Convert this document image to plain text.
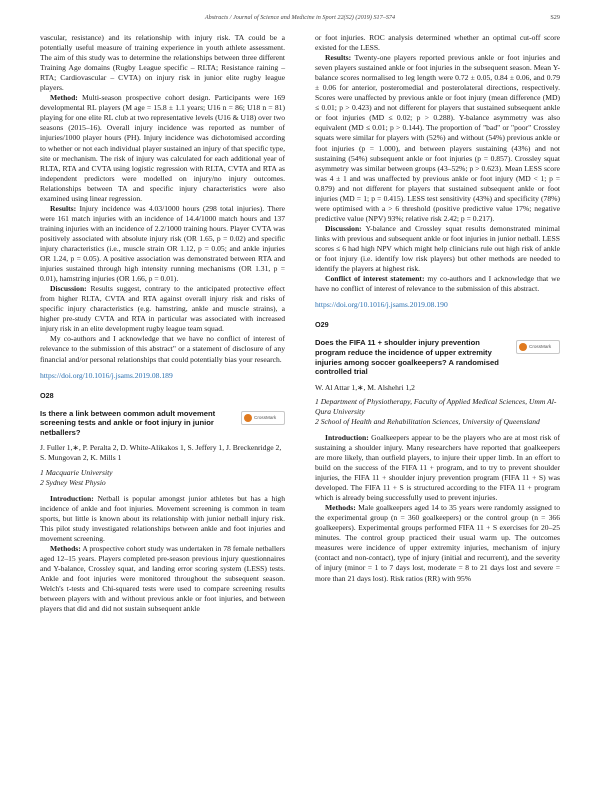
Abstracts / Journal of Science and Medicine in Sport 22(S2) (2019) S17–S74	S29

vascular, resistance) and its relationship with injury risk. TA could be a potentially useful measure of training experience in youth athlete assessment. The aim of this study was to determine the relationships between three different Training Age domains (Rugby League specific – RLTA; Resistance raining – RTA; Cardiovascular – CVTA) on injury risk in junior elite rugby league players.

Method: Multi-season prospective cohort design. Participants were 169 developmental RL players (M age = 15.8 ± 1.1 years; U16 n = 86; U18 n = 81) playing for one elite RL club at two representative levels (U16 & U18) over two seasons (2015–16). Overall injury incidence was reported as number of injuries/1000 player hours (PH). Injury incidence was dichotomised according to whether or not each individual player sustained an injury of that specific type, site or mechanism. The risk of injury was calculated for each additional year of RLTA, RTA and CVTA using logistic regression with RLTA, CVTA and RTA as independent predictors were modelled on injury/no injury outcomes. Relationships between TA and specific injury characteristics were also examined using linear regression.

Results: Injury incidence was 4.03/1000 hours (298 total injuries). There were 161 match injuries with an incidence of 14.4/1000 match hours and 137 training injuries with an incidence of 2.2/1000 training hours. Player CVTA was positively associated with absolute injury risk (OR 1.65, p = 0.02) and specific injury characteristics (i.e., muscle strain OR 1.12, p = 0.05; and ankle injuries OR 1.24, p = 0.05). A positive association was demonstrated between RTA and injuries sustained through high intensity running mechanisms (OR 1.31, p = 0.01), hamstring injuries (OR 1.66, p = 0.01).

Discussion: Results suggest, contrary to the anticipated protective effect from higher RLTA, CVTA and RTA against overall injury risk and risks of specific injury characteristics (e.g. hamstring, ankle and muscle strains), a higher pre-study CVTA and RTA in particular was associated with increased injury risk in an elite development rugby league team squad.

My co-authors and I acknowledge that we have no conflict of interest of relevance to the submission of this abstract" or a statement of disclosure of any financial and/or personal relationships that could potentially bias your research.

https://doi.org/10.1016/j.jsams.2019.08.189

O28

Is there a link between common adult movement screening tests and ankle or foot injury in junior netballers?
CrossMark

J. Fuller 1,∗, P. Peralta 2, D. White-Alikakos 1, S. Jeffery 1, J. Breckenridge 2, S. Mungovan 2, K. Mills 1

1 Macquarie University
2 Sydney West Physio

Introduction: Netball is popular amongst junior athletes but has a high incidence of ankle and foot injuries. Movement screening is common in team sports, but little is known about its relationship with junior netball injury risk. This pilot study investigated relationships between ankle and foot injuries and movement screening.

Methods: A prospective cohort study was undertaken in 78 female netballers aged 12–15 years. Players completed pre-season previous injury questionnaires and Y-balance, Crossley squat, and landing error scoring system (LESS) tests. Ankle and foot injuries were monitored throughout the subsequent season. Welch's t-tests and Chi-squared tests were used to compare screening results between players with and without previous ankle or foot injuries, and between players that did and did not sustain subsequent ankle

or foot injuries. ROC analysis determined whether an optimal cut-off score existed for the LESS.

Results: Twenty-one players reported previous ankle or foot injuries and seven players sustained ankle or foot injuries in the subsequent season. Mean Y-balance scores normalised to leg length were 0.72 ± 0.05, 0.84 ± 0.06, and 0.79 ± 0.06 for anterior, posteromedial and posterolateral directions, respectively. Scores were unaffected by previous ankle or foot injury (mean difference (MD) ≤ 0.01; p > 0.423) and not different for players that sustained subsequent ankle or foot injuries (MD ≤ 0.02; p > 0.288). Y-balance asymmetry was also equivalent (MD ≤ 0.01; p > 0.144). The proportion of "bad" or "poor" Crossley squats were similar for players with (52%) and without (54%) previous ankle or foot injuries (p = 1.000), and between players sustaining (43%) and not sustaining (54%) subsequent ankle or foot injuries (p = 0.857). Crossley squat asymmetry was similar between groups (43–52%; p > 0.623). Mean LESS score was 4 ± 1 and was unaffected by previous ankle or foot injury (MD < 1; p = 0.879) and not different for players that sustained subsequent ankle or foot injuries (MD = 1; p = 0.415). LESS test sensitivity (43%) and specificity (78%) were optimised with a > 6 threshold (positive predictive value 17%; negative predictive value (NPV) 93%; relative risk 2.42; p = 0.217).

Discussion: Y-balance and Crossley squat results demonstrated minimal links with previous and subsequent ankle or foot injuries in junior netball. LESS scores ≤ 6 had high NPV which might help clinicians rule out high risk of ankle or foot injury (i.e. identify low risk players) but other methods are needed to identify the players at highest risk.

Conflict of interest statement: my co-authors and I acknowledge that we have no conflict of interest of relevance to the submission of this abstract.

https://doi.org/10.1016/j.jsams.2019.08.190

O29

Does the FIFA 11 + shoulder injury prevention program reduce the incidence of upper extremity injuries among soccer goalkeepers? A randomised controlled trial
CrossMark

W. Al Attar 1,∗, M. Alshehri 1,2

1 Department of Physiotherapy, Faculty of Applied Medical Sciences, Umm Al-Qura University
2 School of Health and Rehabilitation Sciences, University of Queensland

Introduction: Goalkeepers appear to be the players who are at most risk of sustaining a shoulder injury. Many researchers have reported that goalkeepers are more likely, than outfield players, to injure their upper limb. In an effort to build on the success of the FIFA 11 + program, and to try to prevent shoulder injuries, the FIFA 11 + shoulder injury prevention program (FIFA 11 + S) was developed. The FIFA 11 + S is structured according to the FIFA 11 + program which is already being successfully used to prevent injuries.

Methods: Male goalkeepers aged 14 to 35 years were randomly assigned to the experimental group (n = 360 goalkeepers) or the control group (n = 366 goalkeepers). Experimental groups performed FIFA 11 + S exercises for 20–25 minutes. The control group practiced their usual warm up. The outcomes measures were incidence of upper extremity injuries, mechanism of injury (contact and non-contact), type of injury (initial and recurrent), and the severity of injury (minor = 1 to 7 days lost, moderate = 8 to 21 days lost and severe = more than 21 days lost). Risk ratios (RR) with 95%
